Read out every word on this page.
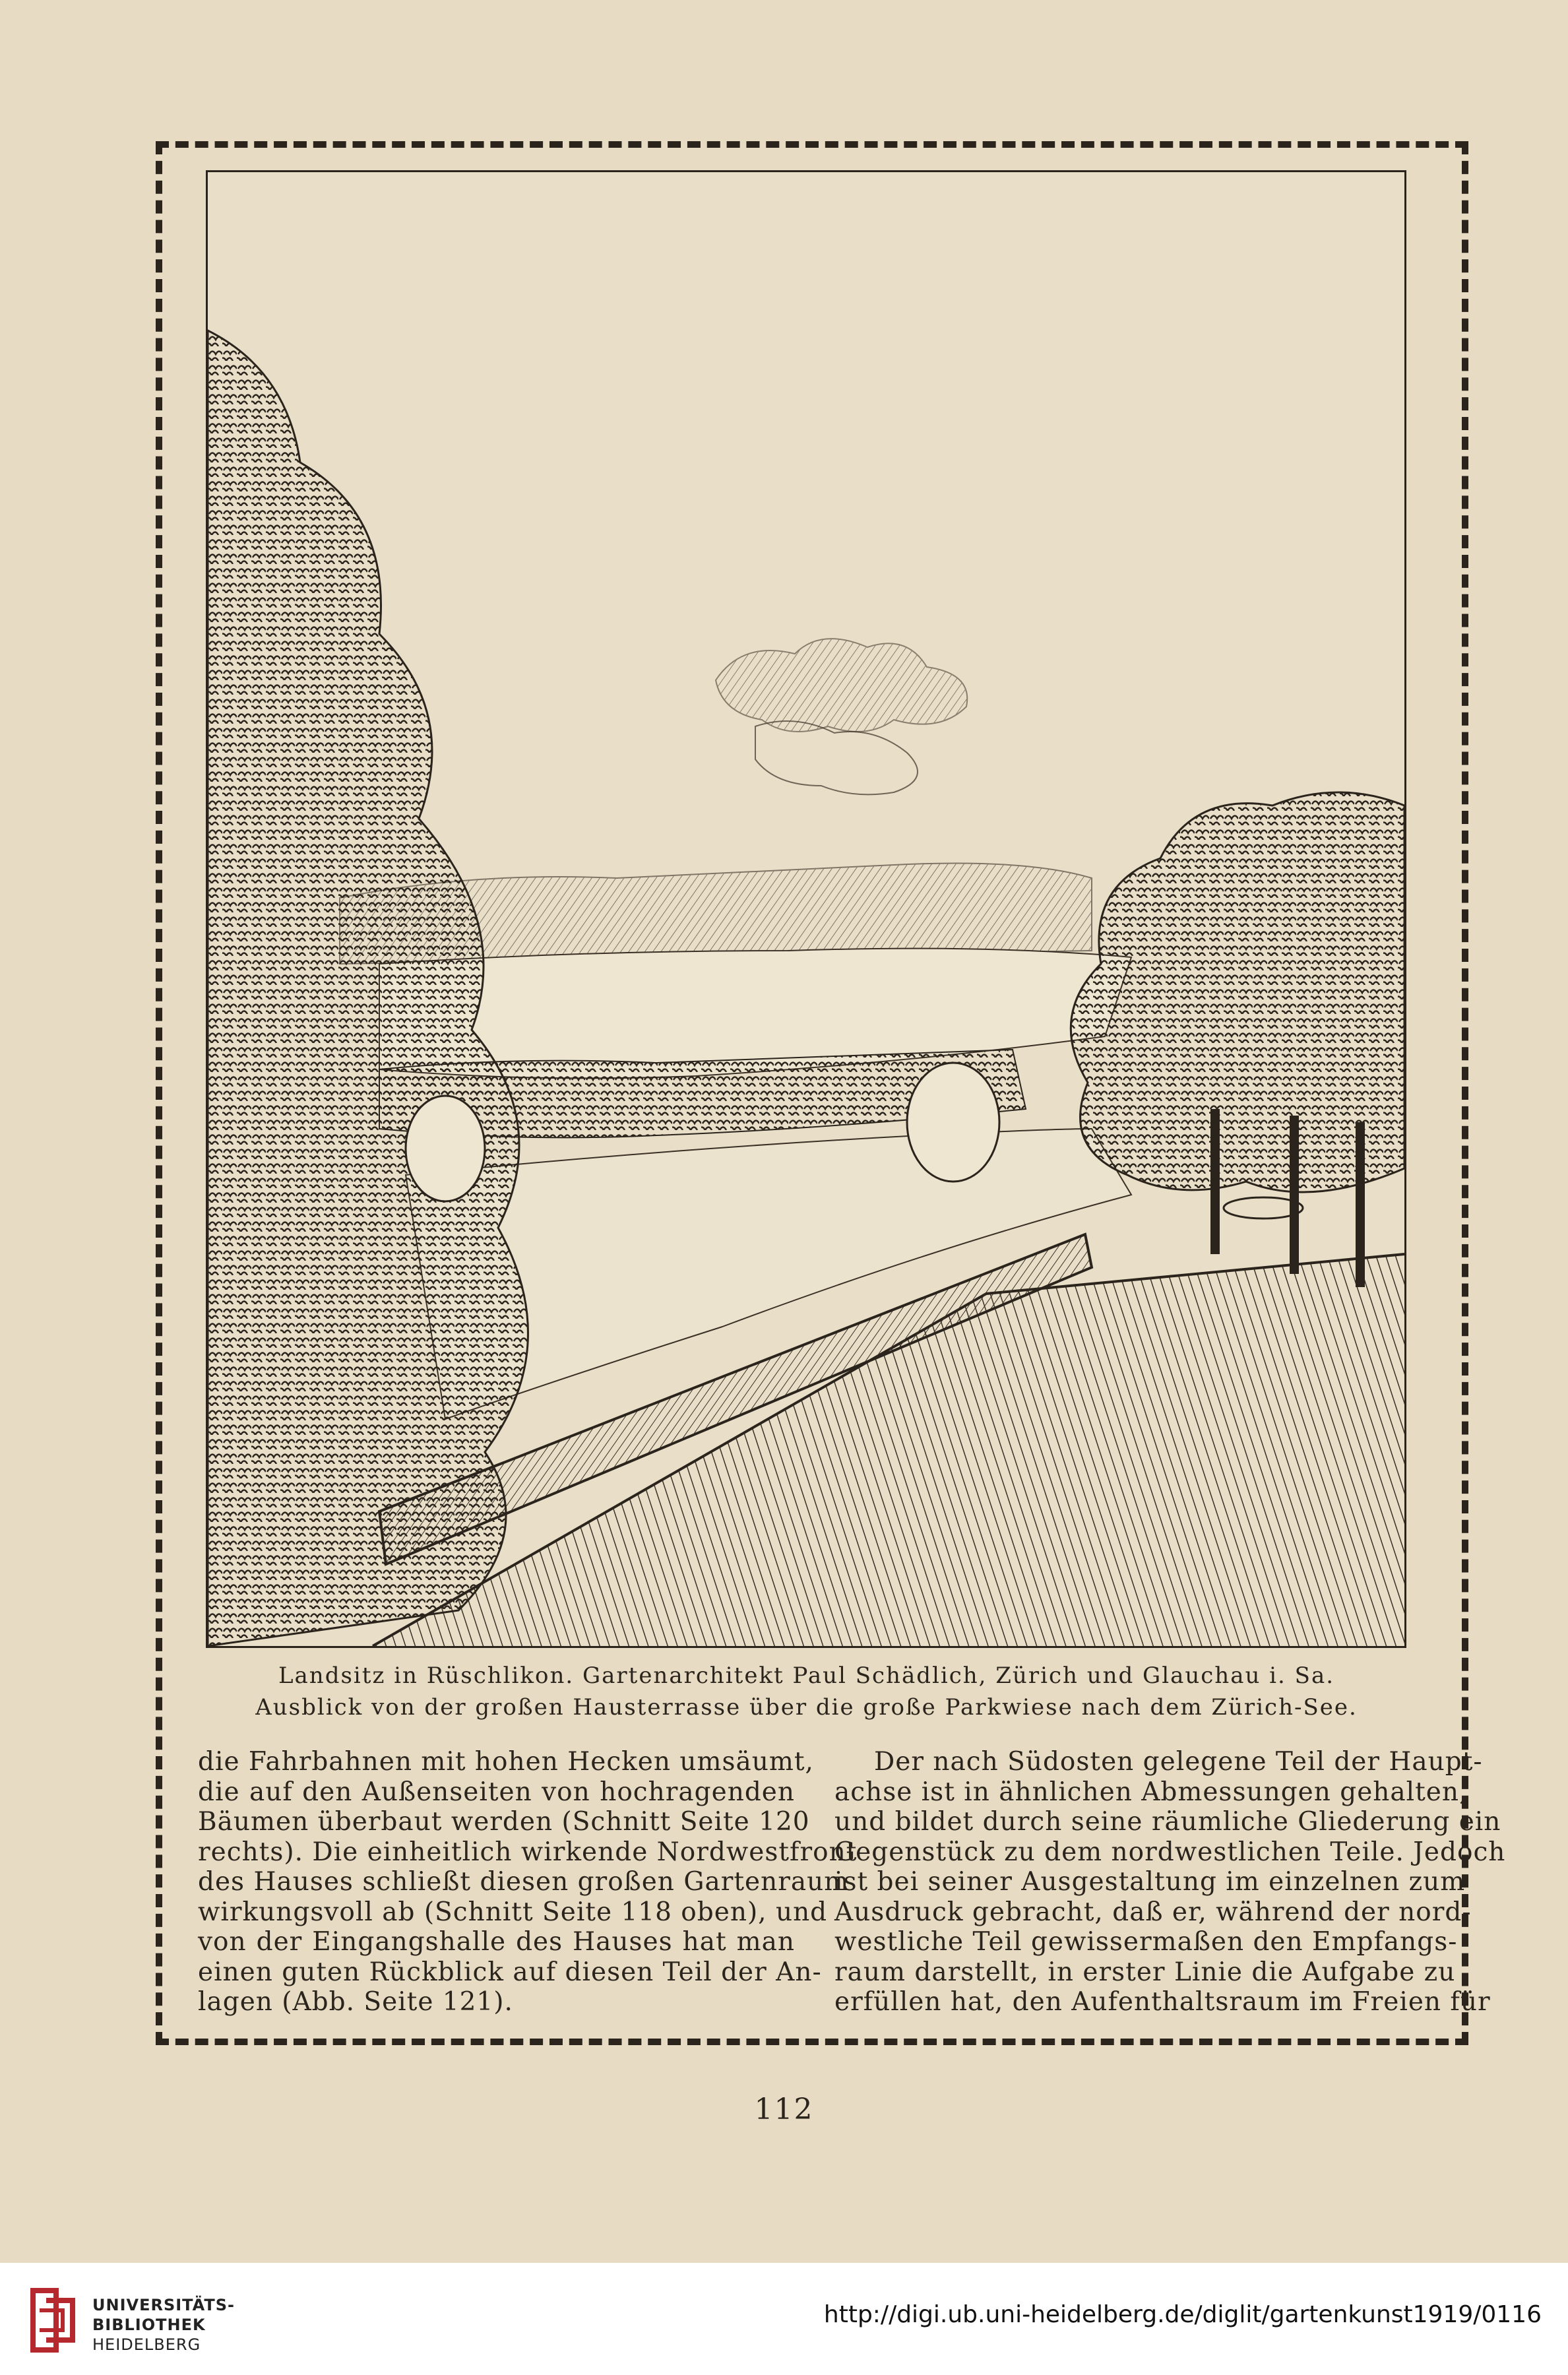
Landsitz in Rüschlikon. Gartenarchitekt Paul Schädlich, Zürich und Glauchau i. Sa.
Ausblick von der großen Hausterrasse über die große Parkwiese nach dem Zürich-See.
die Fahrbahnen mit hohen Hecken umsäumt,
die auf den Außenseiten von hochragenden
Bäumen überbaut werden (Schnitt Seite 120
rechts). Die einheitlich wirkende Nordwestfront
des Hauses schließt diesen großen Gartenraum
wirkungsvoll ab (Schnitt Seite 118 oben), und
von der Eingangshalle des Hauses hat man
einen guten Rückblick auf diesen Teil der An-
lagen (Abb. Seite 121).
Der nach Südosten gelegene Teil der Haupt-
achse ist in ähnlichen Abmessungen gehalten,
und bildet durch seine räumliche Gliederung ein
Gegenstück zu dem nordwestlichen Teile. Jedoch
ist bei seiner Ausgestaltung im einzelnen zum
Ausdruck gebracht, daß er, während der nord-
westliche Teil gewissermaßen den Empfangs-
raum darstellt, in erster Linie die Aufgabe zu
erfüllen hat, den Aufenthaltsraum im Freien für
112
UNIVERSITÄTS-
BIBLIOTHEK
HEIDELBERG
http://digi.ub.uni-heidelberg.de/diglit/gartenkunst1919/0116
